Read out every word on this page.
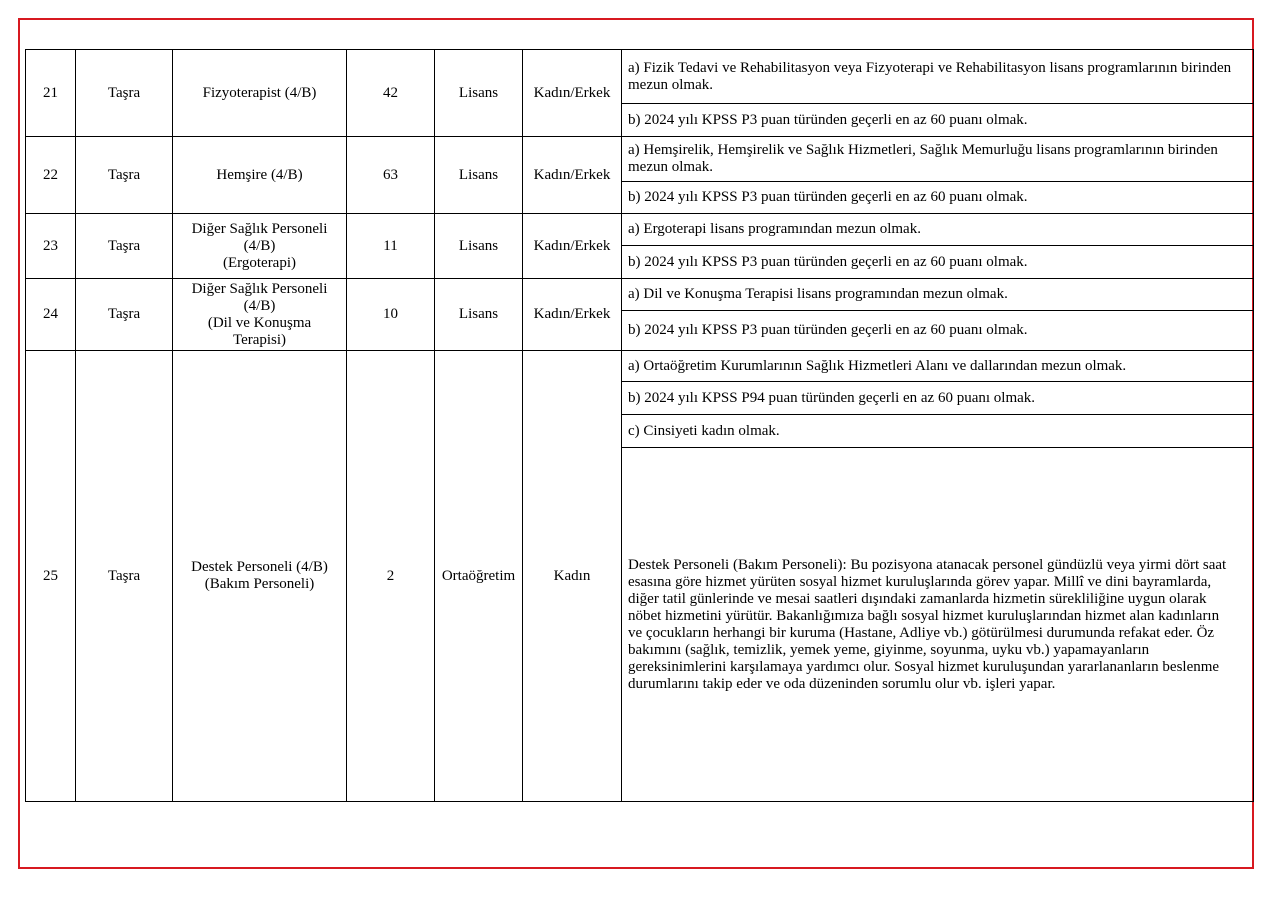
21	Taşra	Fizyoterapist (4/B)	42	Lisans	Kadın/Erkek	a) Fizik Tedavi ve Rehabilitasyon veya Fizyoterapi ve Rehabilitasyon lisans programlarının birinden mezun olmak.
						b) 2024 yılı KPSS P3 puan türünden geçerli en az 60 puanı olmak.
22	Taşra	Hemşire (4/B)	63	Lisans	Kadın/Erkek	a) Hemşirelik, Hemşirelik ve Sağlık Hizmetleri, Sağlık Memurluğu lisans programlarının birinden mezun olmak.
						b) 2024 yılı KPSS P3 puan türünden geçerli en az 60 puanı olmak.
23	Taşra	Diğer Sağlık Personeli
(4/B)
(Ergoterapi)	11	Lisans	Kadın/Erkek	a) Ergoterapi lisans programından mezun olmak.
						b) 2024 yılı KPSS P3 puan türünden geçerli en az 60 puanı olmak.
24	Taşra	Diğer Sağlık Personeli
(4/B)
(Dil ve Konuşma
Terapisi)	10	Lisans	Kadın/Erkek	a) Dil ve Konuşma Terapisi lisans programından mezun olmak.
						b) 2024 yılı KPSS P3 puan türünden geçerli en az 60 puanı olmak.
25	Taşra	Destek Personeli (4/B)
(Bakım Personeli)	2	Ortaöğretim	Kadın	a) Ortaöğretim Kurumlarının Sağlık Hizmetleri Alanı ve dallarından mezun olmak.
						b) 2024 yılı KPSS P94 puan türünden geçerli en az 60 puanı olmak.
						c) Cinsiyeti kadın olmak.
						Destek Personeli (Bakım Personeli): Bu pozisyona atanacak personel gündüzlü veya yirmi dört saat esasına göre hizmet yürüten sosyal hizmet kuruluşlarında görev yapar. Millî ve dini bayramlarda, diğer tatil günlerinde ve mesai saatleri dışındaki zamanlarda hizmetin sürekliliğine uygun olarak nöbet hizmetini yürütür. Bakanlığımıza bağlı sosyal hizmet kuruluşlarından hizmet alan kadınların ve çocukların herhangi bir kuruma (Hastane, Adliye vb.) götürülmesi durumunda refakat eder. Öz bakımını (sağlık, temizlik, yemek yeme, giyinme, soyunma, uyku vb.) yapamayanların gereksinimlerini karşılamaya yardımcı olur. Sosyal hizmet kuruluşundan yararlananların beslenme durumlarını takip eder ve oda düzeninden sorumlu olur vb. işleri yapar.
